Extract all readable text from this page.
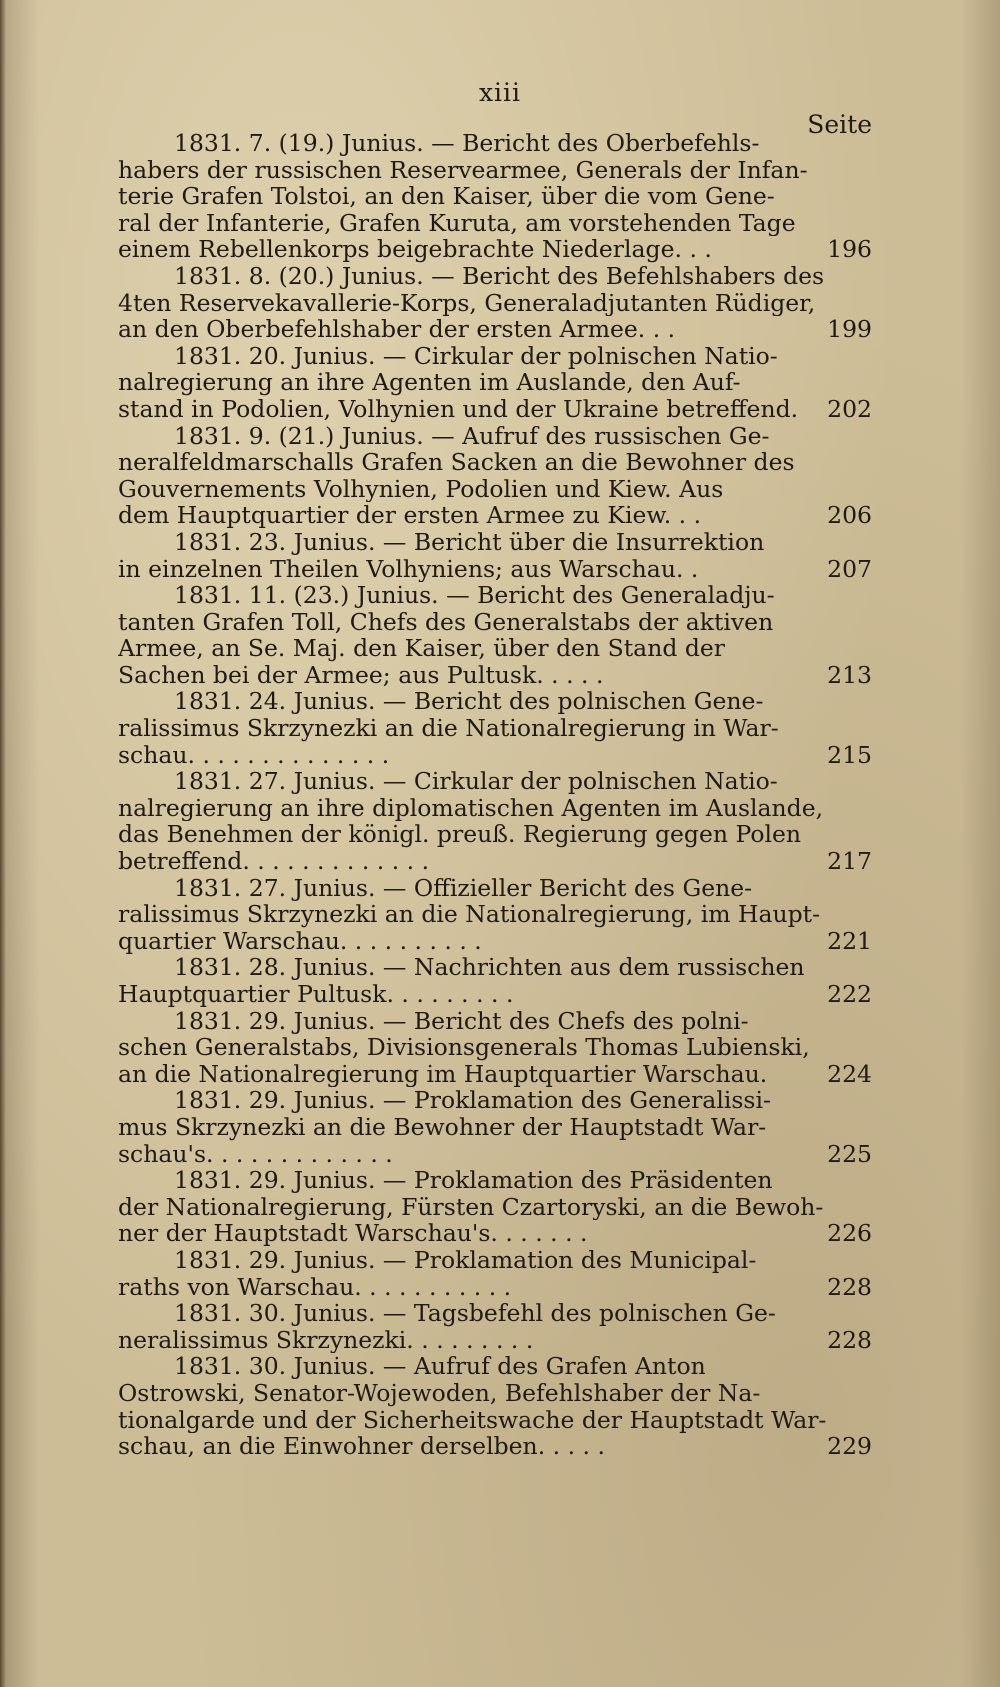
xiii
Seite
1831. 7. (19.) Junius. — Bericht des Oberbefehls-
habers der russischen Reservearmee, Generals der Infan-
terie Grafen Tolstoi, an den Kaiser, über die vom Gene-
ral der Infanterie, Grafen Kuruta, am vorstehenden Tage
einem Rebellenkorps beigebrachte Niederlage. . .	196
1831. 8. (20.) Junius. — Bericht des Befehlshabers des
4ten Reservekavallerie-Korps, Generaladjutanten Rüdiger,
an den Oberbefehlshaber der ersten Armee. . .	199
1831. 20. Junius. — Cirkular der polnischen Natio-
nalregierung an ihre Agenten im Auslande, den Auf-
stand in Podolien, Volhynien und der Ukraine betreffend.	202
1831. 9. (21.) Junius. — Aufruf des russischen Ge-
neralfeldmarschalls Grafen Sacken an die Bewohner des
Gouvernements Volhynien, Podolien und Kiew. Aus
dem Hauptquartier der ersten Armee zu Kiew. . .	206
1831. 23. Junius. — Bericht über die Insurrektion
in einzelnen Theilen Volhyniens; aus Warschau. .	207
1831. 11. (23.) Junius. — Bericht des Generaladju-
tanten Grafen Toll, Chefs des Generalstabs der aktiven
Armee, an Se. Maj. den Kaiser, über den Stand der
Sachen bei der Armee; aus Pultusk. . . . .	213
1831. 24. Junius. — Bericht des polnischen Gene-
ralissimus Skrzynezki an die Nationalregierung in War-
schau. . . . . . . . . . . . . .	215
1831. 27. Junius. — Cirkular der polnischen Natio-
nalregierung an ihre diplomatischen Agenten im Auslande,
das Benehmen der königl. preuß. Regierung gegen Polen
betreffend. . . . . . . . . . . . .	217
1831. 27. Junius. — Offizieller Bericht des Gene-
ralissimus Skrzynezki an die Nationalregierung, im Haupt-
quartier Warschau. . . . . . . . . .	221
1831. 28. Junius. — Nachrichten aus dem russischen
Hauptquartier Pultusk. . . . . . . . .	222
1831. 29. Junius. — Bericht des Chefs des polni-
schen Generalstabs, Divisionsgenerals Thomas Lubienski,
an die Nationalregierung im Hauptquartier Warschau.	224
1831. 29. Junius. — Proklamation des Generalissi-
mus Skrzynezki an die Bewohner der Hauptstadt War-
schau's. . . . . . . . . . . . .	225
1831. 29. Junius. — Proklamation des Präsidenten
der Nationalregierung, Fürsten Czartoryski, an die Bewoh-
ner der Hauptstadt Warschau's. . . . . . .	226
1831. 29. Junius. — Proklamation des Municipal-
raths von Warschau. . . . . . . . . . .	228
1831. 30. Junius. — Tagsbefehl des polnischen Ge-
neralissimus Skrzynezki. . . . . . . . .	228
1831. 30. Junius. — Aufruf des Grafen Anton
Ostrowski, Senator-Wojewoden, Befehlshaber der Na-
tionalgarde und der Sicherheitswache der Hauptstadt War-
schau, an die Einwohner derselben. . . . .	229
